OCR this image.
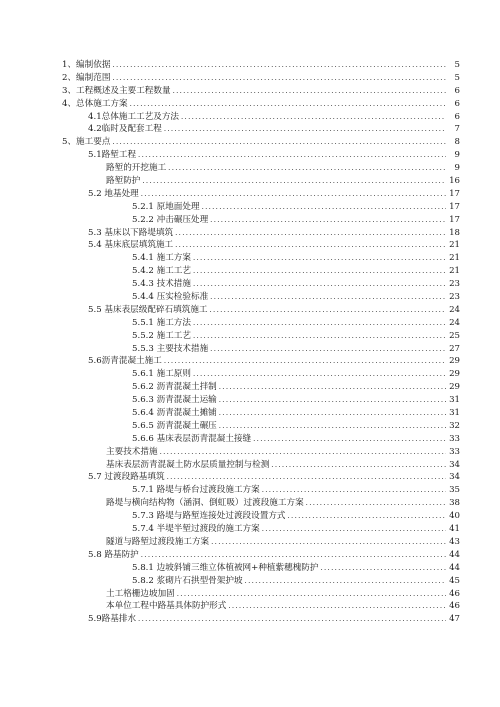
1、编制依据 .....	5
2、编制范围 .....	5
3、工程概述及主要工程数量 .....	6
4、总体施工方案 .....	6
4.1总体施工工艺及方法 .....	6
4.2临时及配套工程 .....	7
5、施工要点 .....	8
5.1路堑工程 .....	9
路堑的开挖施工 .....	9
路堑防护 .....	16
5.2 地基处理 .....	17
5.2.1 原地面处理 .....	17
5.2.2 冲击碾压处理 .....	17
5.3 基床以下路堤填筑 .....	18
5.4 基床底层填筑施工 .....	21
5.4.1 施工方案 .....	21
5.4.2 施工工艺 .....	21
5.4.3 技术措施 .....	23
5.4.4 压实检验标准 .....	23
5.5 基床表层级配碎石填筑施工 .....	24
5.5.1 施工方法 .....	24
5.5.2 施工工艺 .....	25
5.5.3 主要技术措施 .....	27
5.6沥青混凝土施工 .....	29
5.6.1 施工原则 .....	29
5.6.2 沥青混凝土拌制 .....	29
5.6.3 沥青混凝土运输 .....	31
5.6.4 沥青混凝土摊铺 .....	31
5.6.5 沥青混凝土碾压 .....	32
5.6.6 基床表层沥青混凝土接缝 .....	33
主要技术措施 .....	33
基床表层沥青混凝土防水层质量控制与检测 .....	34
5.7 过渡段路基填筑 .....	34
5.7.1 路堤与桥台过渡段施工方案 .....	35
路堤与横向结构物（涵洞、倒虹吸）过渡段施工方案 .....	38
5.7.3 路堤与路堑连接处过渡段设置方式 .....	40
5.7.4 半堤半堑过渡段的施工方案 .....	41
隧道与路堑过渡段施工方案 .....	43
5.8 路基防护 .....	44
5.8.1 边坡斜铺三维立体植被网+种植紫穗槐防护 .....	44
5.8.2 浆砌片石拱型骨架护坡 .....	45
土工格栅边坡加固 .....	46
本单位工程中路基具体防护形式 .....	46
5.9路基排水 .....	47
